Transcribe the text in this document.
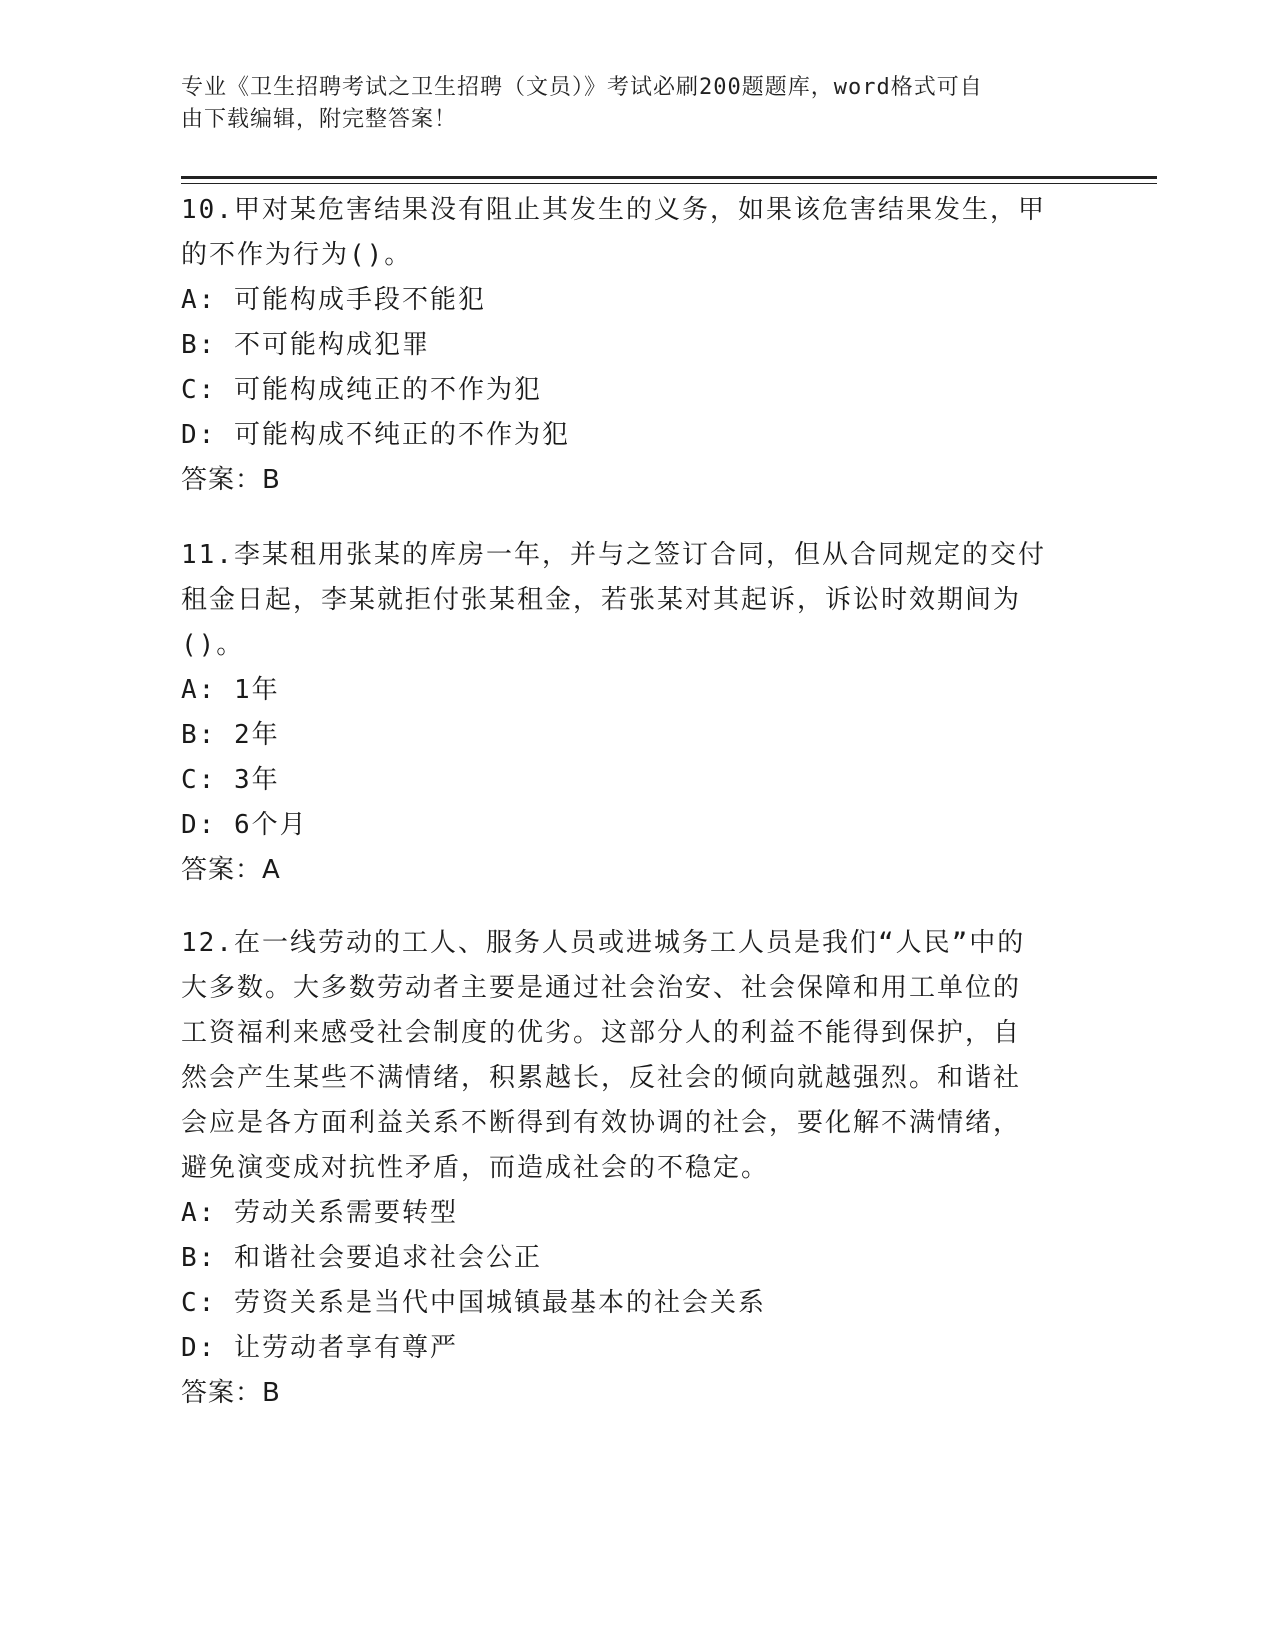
专业《卫生招聘考试之卫生招聘（文员）》考试必刷200题题库，word格式可自
由下载编辑，附完整答案！

10.甲对某危害结果没有阻止其发生的义务，如果该危害结果发生，甲

的不作为行为()。

A: 可能构成手段不能犯

B: 不可能构成犯罪

C: 可能构成纯正的不作为犯

D: 可能构成不纯正的不作为犯

答案：B

11.李某租用张某的库房一年，并与之签订合同，但从合同规定的交付

租金日起，李某就拒付张某租金，若张某对其起诉，诉讼时效期间为

()。

A: 1年

B: 2年

C: 3年

D: 6个月

答案：A

12.在一线劳动的工人、服务人员或进城务工人员是我们“人民”中的

大多数。大多数劳动者主要是通过社会治安、社会保障和用工单位的

工资福利来感受社会制度的优劣。这部分人的利益不能得到保护，自

然会产生某些不满情绪，积累越长，反社会的倾向就越强烈。和谐社

会应是各方面利益关系不断得到有效协调的社会，要化解不满情绪，

避免演变成对抗性矛盾，而造成社会的不稳定。

A: 劳动关系需要转型

B: 和谐社会要追求社会公正

C: 劳资关系是当代中国城镇最基本的社会关系

D: 让劳动者享有尊严

答案：B
